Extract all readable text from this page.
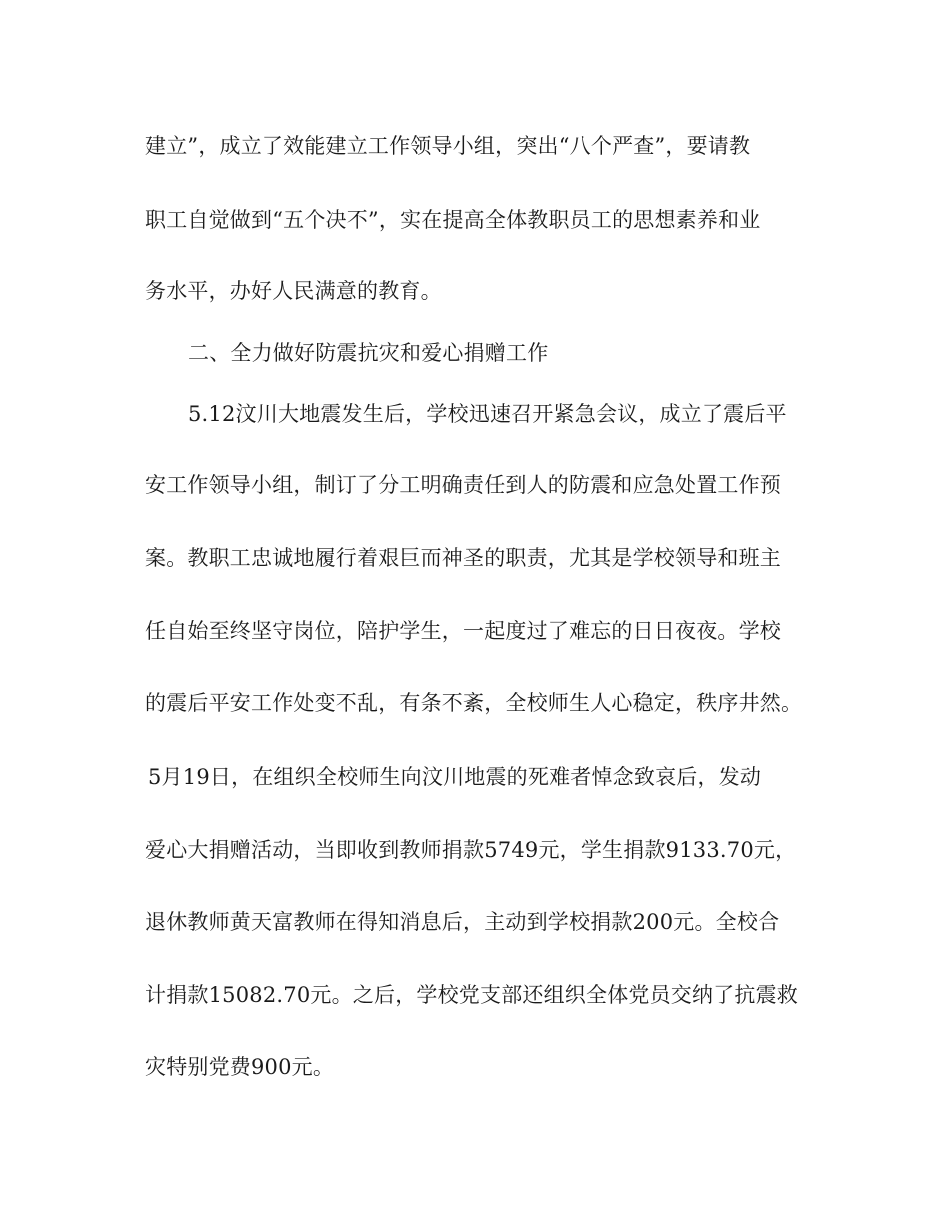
建立”，成立了效能建立工作领导小组，突出“八个严查”，要请教
职工自觉做到“五个决不”，实在提高全体教职员工的思想素养和业
务水平，办好人民满意的教育。
二、全力做好防震抗灾和爱心捐赠工作
5.12汶川大地震发生后，学校迅速召开紧急会议，成立了震后平
安工作领导小组，制订了分工明确责任到人的防震和应急处置工作预
案。教职工忠诚地履行着艰巨而神圣的职责，尤其是学校领导和班主
任自始至终坚守岗位，陪护学生，一起度过了难忘的日日夜夜。学校
的震后平安工作处变不乱，有条不紊，全校师生人心稳定，秩序井然。
5月19日，在组织全校师生向汶川地震的死难者悼念致哀后，发动
爱心大捐赠活动，当即收到教师捐款5749元，学生捐款9133.70元，
退休教师黄天富教师在得知消息后，主动到学校捐款200元。全校合
计捐款15082.70元。之后，学校党支部还组织全体党员交纳了抗震救
灾特别党费900元。
